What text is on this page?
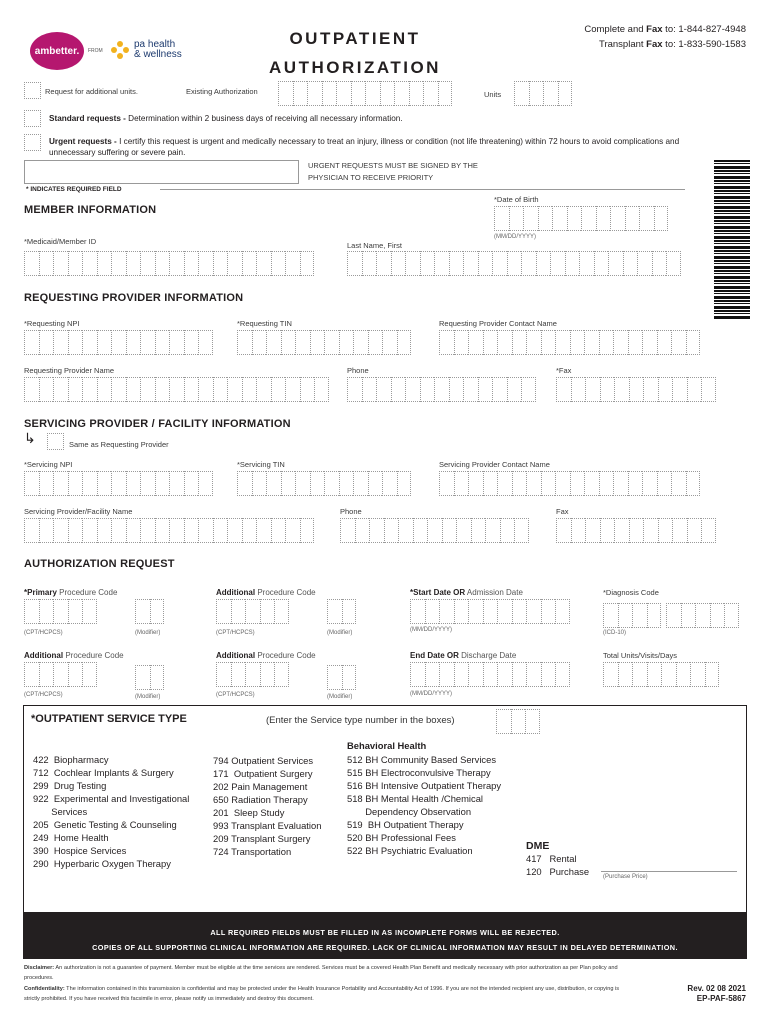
ambetter. FROM
pa health
& wellness
OUTPATIENT
AUTHORIZATION
Complete and Fax to: 1-844-827-4948
Transplant Fax to: 1-833-590-1583
Request for additional units.	Existing Authorization	Units
Standard requests - Determination within 2 business days of receiving all necessary information.
Urgent requests - I certify this request is urgent and medically necessary to treat an injury, illness or condition (not life threatening) within 72 hours to avoid complications and unnecessary suffering or severe pain.
URGENT REQUESTS MUST BE SIGNED BY THE PHYSICIAN TO RECEIVE PRIORITY
* INDICATES REQUIRED FIELD
MEMBER INFORMATION
*Date of Birth
(MM/DD/YYYY)
*Medicaid/Member ID	Last Name, First
REQUESTING PROVIDER INFORMATION
*Requesting NPI	*Requesting TIN	Requesting Provider Contact Name
Requesting Provider Name	Phone	*Fax
SERVICING PROVIDER / FACILITY INFORMATION
↳	Same as Requesting Provider
*Servicing NPI	*Servicing TIN	Servicing Provider Contact Name
Servicing Provider/Facility Name	Phone	Fax
AUTHORIZATION REQUEST
*Primary Procedure Code	Additional Procedure Code	*Start Date OR Admission Date	*Diagnosis Code
(CPT/HCPCS)	(Modifier)	(CPT/HCPCS)	(Modifier)	(MM/DD/YYYY)	(ICD-10)
Additional Procedure Code	Additional Procedure Code	End Date OR Discharge Date	Total Units/Visits/Days
(CPT/HCPCS)	(Modifier)	(CPT/HCPCS)	(Modifier)	(MM/DD/YYYY)
*OUTPATIENT SERVICE TYPE	(Enter the Service type number in the boxes)
422  Biopharmacy
712  Cochlear Implants & Surgery
299  Drug Testing
922  Experimental and Investigational
Services
205  Genetic Testing & Counseling
249  Home Health
390  Hospice Services
290  Hyperbaric Oxygen Therapy
794 Outpatient Services
171  Outpatient Surgery
202 Pain Management
650 Radiation Therapy
201  Sleep Study
993 Transplant Evaluation
209 Transplant Surgery
724 Transportation
Behavioral Health
512 BH Community Based Services
515 BH Electroconvulsive Therapy
516 BH Intensive Outpatient Therapy
518 BH Mental Health /Chemical
Dependency Observation
519  BH Outpatient Therapy
520 BH Professional Fees
522 BH Psychiatric Evaluation	DME
417   Rental
120   Purchase	(Purchase Price)
ALL REQUIRED FIELDS MUST BE FILLED IN AS INCOMPLETE FORMS WILL BE REJECTED.
COPIES OF ALL SUPPORTING CLINICAL INFORMATION ARE REQUIRED. LACK OF CLINICAL INFORMATION MAY RESULT IN DELAYED DETERMINATION.
Disclaimer: An authorization is not a guarantee of payment. Member must be eligible at the time services are rendered. Services must be a covered Health Plan Benefit and medically necessary with prior authorization as per Plan policy and procedures.
Confidentiality: The information contained in this transmission is confidential and may be protected under the Health Insurance Portability and Accountability Act of 1996. If you are not the intended recipient any use, distribution, or copying is strictly prohibited. If you have received this facsimile in error, please notify us immediately and destroy this document.
Rev. 02 08 2021
EP-PAF-5867
